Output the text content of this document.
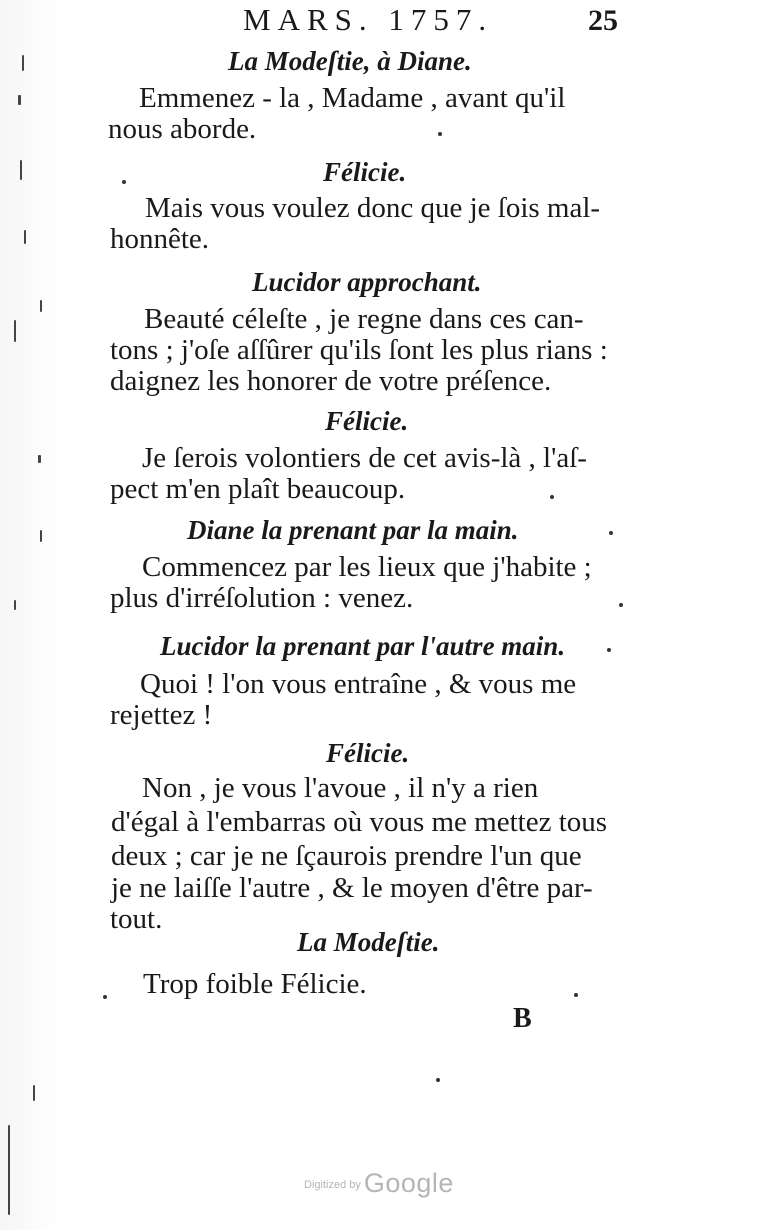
MARS. 1757.	25
La Modeſtie, à Diane.
Emmenez - la , Madame , avant qu'il
nous aborde.
Félicie.
Mais vous voulez donc que je ſois mal-
honnête.
Lucidor approchant.
Beauté céleſte , je regne dans ces can-
tons ; j'oſe aſſûrer qu'ils ſont les plus rians :
daignez les honorer de votre préſence.
Félicie.
Je ſerois volontiers de cet avis-là , l'aſ-
pect m'en plaît beaucoup.
Diane la prenant par la main.
Commencez par les lieux que j'habite ;
plus d'irréſolution : venez.
Lucidor la prenant par l'autre main.
Quoi ! l'on vous entraîne , & vous me
rejettez !
Félicie.
Non , je vous l'avoue , il n'y a rien
d'égal à l'embarras où vous me mettez tous
deux ; car je ne ſçaurois prendre l'un que
je ne laiſſe l'autre , & le moyen d'être par-
tout.
La Modeſtie.
Trop foible Félicie.
B
$^{Digitized by}$ Google
